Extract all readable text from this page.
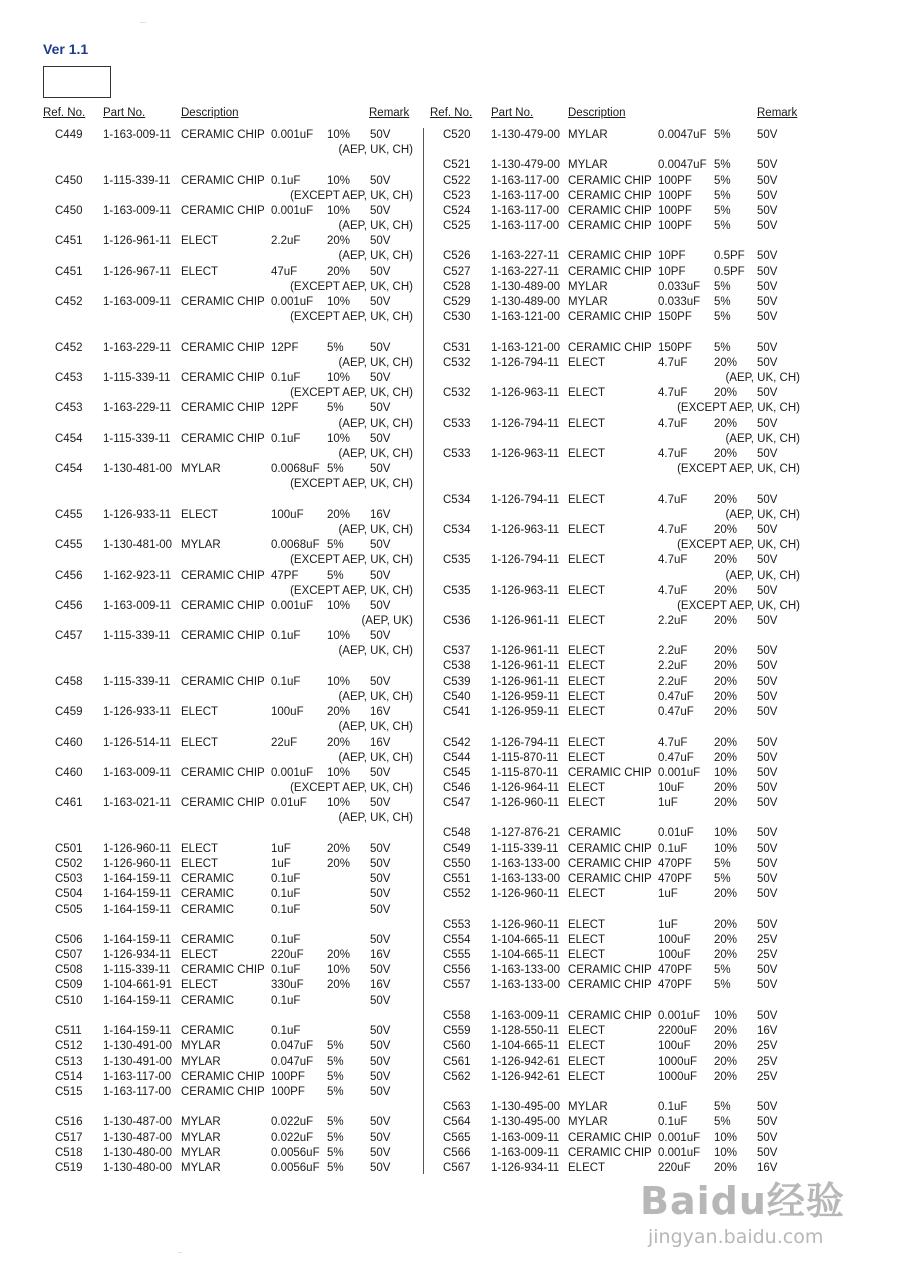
···
Ver 1.1
Ref. No. Part No.	Description	Remark Ref. No. Part No.	Description	Remark
C449 1-163-009-11 CERAMIC CHIP 0.001uF 10% 50V
(AEP, UK, CH)
C450 1-115-339-11 CERAMIC CHIP 0.1uF 10% 50V
(EXCEPT AEP, UK, CH)
C450 1-163-009-11 CERAMIC CHIP 0.001uF 10% 50V
(AEP, UK, CH)
C451 1-126-961-11 ELECT	2.2uF 20% 50V
(AEP, UK, CH)
C451 1-126-967-11 ELECT	47uF	20% 50V
(EXCEPT AEP, UK, CH)
C452 1-163-009-11 CERAMIC CHIP 0.001uF 10% 50V
(EXCEPT AEP, UK, CH)
C452 1-163-229-11 CERAMIC CHIP 12PF 5% 50V
(AEP, UK, CH)
C453 1-115-339-11 CERAMIC CHIP 0.1uF 10% 50V
(EXCEPT AEP, UK, CH)
C453 1-163-229-11 CERAMIC CHIP 12PF 5% 50V
(AEP, UK, CH)
C454 1-115-339-11 CERAMIC CHIP 0.1uF 10% 50V
(AEP, UK, CH)
C454 1-130-481-00 MYLAR	0.0068uF 5% 50V
(EXCEPT AEP, UK, CH)
C455 1-126-933-11 ELECT	100uF 20% 16V
(AEP, UK, CH)
C455 1-130-481-00 MYLAR	0.0068uF 5% 50V
(EXCEPT AEP, UK, CH)
C456 1-162-923-11 CERAMIC CHIP 47PF 5% 50V
(EXCEPT AEP, UK, CH)
C456 1-163-009-11 CERAMIC CHIP 0.001uF 10% 50V
(AEP, UK)
C457 1-115-339-11 CERAMIC CHIP 0.1uF 10% 50V
(AEP, UK, CH)
C458 1-115-339-11 CERAMIC CHIP 0.1uF 10% 50V
(AEP, UK, CH)
C459 1-126-933-11 ELECT	100uF 20% 16V
(AEP, UK, CH)
C460 1-126-514-11 ELECT	22uF	20% 16V
(AEP, UK, CH)
C460 1-163-009-11 CERAMIC CHIP 0.001uF 10% 50V
(EXCEPT AEP, UK, CH)
C461 1-163-021-11 CERAMIC CHIP 0.01uF 10% 50V
(AEP, UK, CH)
C501 1-126-960-11 ELECT	1uF	20% 50V
C502 1-126-960-11 ELECT	1uF	20% 50V
C503 1-164-159-11 CERAMIC	0.1uF	50V
C504 1-164-159-11 CERAMIC	0.1uF	50V
C505 1-164-159-11 CERAMIC	0.1uF	50V
C506 1-164-159-11 CERAMIC	0.1uF	50V
C507 1-126-934-11 ELECT	220uF 20% 16V
C508 1-115-339-11 CERAMIC CHIP 0.1uF 10% 50V
C509 1-104-661-91 ELECT	330uF 20% 16V
C510 1-164-159-11 CERAMIC	0.1uF	50V
C511 1-164-159-11 CERAMIC	0.1uF	50V
C512 1-130-491-00 MYLAR	0.047uF 5% 50V
C513 1-130-491-00 MYLAR	0.047uF 5% 50V
C514 1-163-117-00 CERAMIC CHIP 100PF 5% 50V
C515 1-163-117-00 CERAMIC CHIP 100PF 5% 50V
C516 1-130-487-00 MYLAR	0.022uF 5% 50V
C517 1-130-487-00 MYLAR	0.022uF 5% 50V
C518 1-130-480-00 MYLAR	0.0056uF 5% 50V
C519 1-130-480-00 MYLAR	0.0056uF 5% 50V
C520 1-130-479-00 MYLAR	0.0047uF 5% 50V
C521 1-130-479-00 MYLAR	0.0047uF 5% 50V
C522 1-163-117-00 CERAMIC CHIP 100PF 5% 50V
C523 1-163-117-00 CERAMIC CHIP 100PF 5% 50V
C524 1-163-117-00 CERAMIC CHIP 100PF 5% 50V
C525 1-163-117-00 CERAMIC CHIP 100PF 5% 50V
C526 1-163-227-11 CERAMIC CHIP 10PF 0.5PF 50V
C527 1-163-227-11 CERAMIC CHIP 10PF 0.5PF 50V
C528 1-130-489-00 MYLAR	0.033uF 5% 50V
C529 1-130-489-00 MYLAR	0.033uF 5% 50V
C530 1-163-121-00 CERAMIC CHIP 150PF 5% 50V
C531 1-163-121-00 CERAMIC CHIP 150PF 5% 50V
C532 1-126-794-11 ELECT	4.7uF 20% 50V
(AEP, UK, CH)
C532 1-126-963-11 ELECT	4.7uF 20% 50V
(EXCEPT AEP, UK, CH)
C533 1-126-794-11 ELECT	4.7uF 20% 50V
(AEP, UK, CH)
C533 1-126-963-11 ELECT	4.7uF 20% 50V
(EXCEPT AEP, UK, CH)
C534 1-126-794-11 ELECT	4.7uF 20% 50V
(AEP, UK, CH)
C534 1-126-963-11 ELECT	4.7uF 20% 50V
(EXCEPT AEP, UK, CH)
C535 1-126-794-11 ELECT	4.7uF 20% 50V
(AEP, UK, CH)
C535 1-126-963-11 ELECT	4.7uF 20% 50V
(EXCEPT AEP, UK, CH)
C536 1-126-961-11 ELECT	2.2uF 20% 50V
C537 1-126-961-11 ELECT	2.2uF 20% 50V
C538 1-126-961-11 ELECT	2.2uF 20% 50V
C539 1-126-961-11 ELECT	2.2uF 20% 50V
C540 1-126-959-11 ELECT	0.47uF 20% 50V
C541 1-126-959-11 ELECT	0.47uF 20% 50V
C542 1-126-794-11 ELECT	4.7uF 20% 50V
C544 1-115-870-11 ELECT	0.47uF 20% 50V
C545 1-115-870-11 CERAMIC CHIP 0.001uF 10% 50V
C546 1-126-964-11 ELECT	10uF	20% 50V
C547 1-126-960-11 ELECT	1uF	20% 50V
C548 1-127-876-21 CERAMIC	0.01uF 10% 50V
C549 1-115-339-11 CERAMIC CHIP 0.1uF 10% 50V
C550 1-163-133-00 CERAMIC CHIP 470PF 5% 50V
C551 1-163-133-00 CERAMIC CHIP 470PF 5% 50V
C552 1-126-960-11 ELECT	1uF	20% 50V
C553 1-126-960-11 ELECT	1uF	20% 50V
C554 1-104-665-11 ELECT	100uF 20% 25V
C555 1-104-665-11 ELECT	100uF 20% 25V
C556 1-163-133-00 CERAMIC CHIP 470PF 5% 50V
C557 1-163-133-00 CERAMIC CHIP 470PF 5% 50V
C558 1-163-009-11 CERAMIC CHIP 0.001uF 10% 50V
C559 1-128-550-11 ELECT	2200uF 20% 16V
C560 1-104-665-11 ELECT	100uF 20% 25V
C561 1-126-942-61 ELECT	1000uF 20% 25V
C562 1-126-942-61 ELECT	1000uF 20% 25V
C563 1-130-495-00 MYLAR	0.1uF 5% 50V
C564 1-130-495-00 MYLAR	0.1uF 5% 50V
C565 1-163-009-11 CERAMIC CHIP 0.001uF 10% 50V
C566 1-163-009-11 CERAMIC CHIP 0.001uF 10% 50V
C567 1-126-934-11 ELECT	220uF 20% 16V
··
Baidu经验
jingyan.baidu.com
